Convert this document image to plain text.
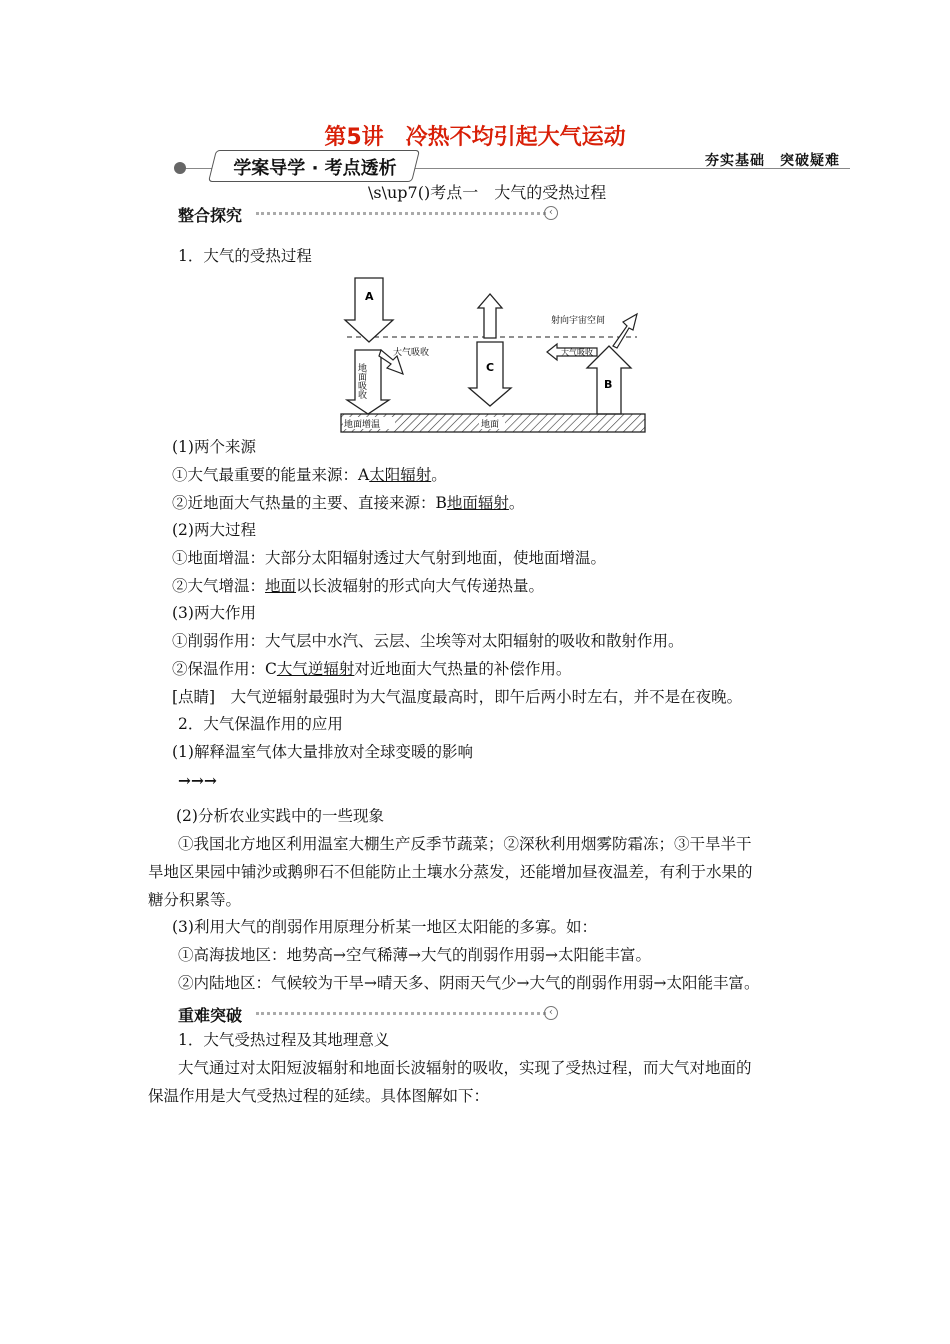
第5讲　冷热不均引起大气运动
学案导学 · 考点透析	夯实基础　突破疑难
\s\up7()考点一　大气的受热过程
整合探究	‹
A
地面吸收
大气吸收
C
B
射向宇宙空间
大气吸收
地面增温	地面
1．大气的受热过程
(1)两个来源
①大气最重要的能量来源：A太阳辐射。
②近地面大气热量的主要、直接来源：B地面辐射。
(2)两大过程
①地面增温：大部分太阳辐射透过大气射到地面，使地面增温。
②大气增温：地面以长波辐射的形式向大气传递热量。
(3)两大作用
①削弱作用：大气层中水汽、云层、尘埃等对太阳辐射的吸收和散射作用。
②保温作用：C大气逆辐射对近地面大气热量的补偿作用。
[点睛]　大气逆辐射最强时为大气温度最高时，即午后两小时左右，并不是在夜晚。
2．大气保温作用的应用
(1)解释温室气体大量排放对全球变暖的影响
→→→
(2)分析农业实践中的一些现象
①我国北方地区利用温室大棚生产反季节蔬菜；②深秋利用烟雾防霜冻；③干旱半干
旱地区果园中铺沙或鹅卵石不但能防止土壤水分蒸发，还能增加昼夜温差，有利于水果的
糖分积累等。
(3)利用大气的削弱作用原理分析某一地区太阳能的多寡。如：
①高海拔地区：地势高→空气稀薄→大气的削弱作用弱→太阳能丰富。
②内陆地区：气候较为干旱→晴天多、阴雨天气少→大气的削弱作用弱→太阳能丰富。
重难突破	‹
1．大气受热过程及其地理意义
大气通过对太阳短波辐射和地面长波辐射的吸收，实现了受热过程，而大气对地面的
保温作用是大气受热过程的延续。具体图解如下：
